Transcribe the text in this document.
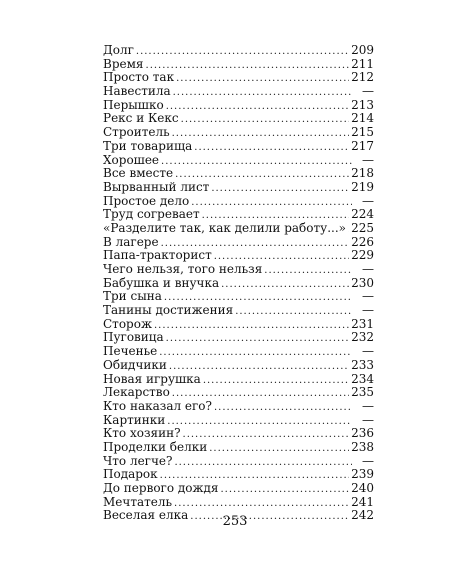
Долг .....	209
Время .....	211
Просто так .....	212
Навестила .....	—
Перышко .....	213
Рекс и Кекс .....	214
Строитель .....	215
Три товарища .....	217
Хорошее .....	—
Все вместе .....	218
Вырванный лист .....	219
Простое дело .....	—
Труд согревает .....	224
«Разделите так, как делили работу...» ..... 225
В лагере .....	226
Папа-тракторист .....	229
Чего нельзя, того нельзя .....	—
Бабушка и внучка .....	230
Три сына .....	—
Танины достижения .....	—
Сторож .....	231
Пуговица .....	232
Печенье .....	—
Обидчики .....	233
Новая игрушка .....	234
Лекарство .....	235
Кто наказал его? .....	—
Картинки .....	—
Кто хозяин? .....	236
Проделки белки .....	238
Что легче? .....	—
Подарок .....	239
До первого дождя .....	240
Мечтатель .....	241
Веселая елка .....	242
253
